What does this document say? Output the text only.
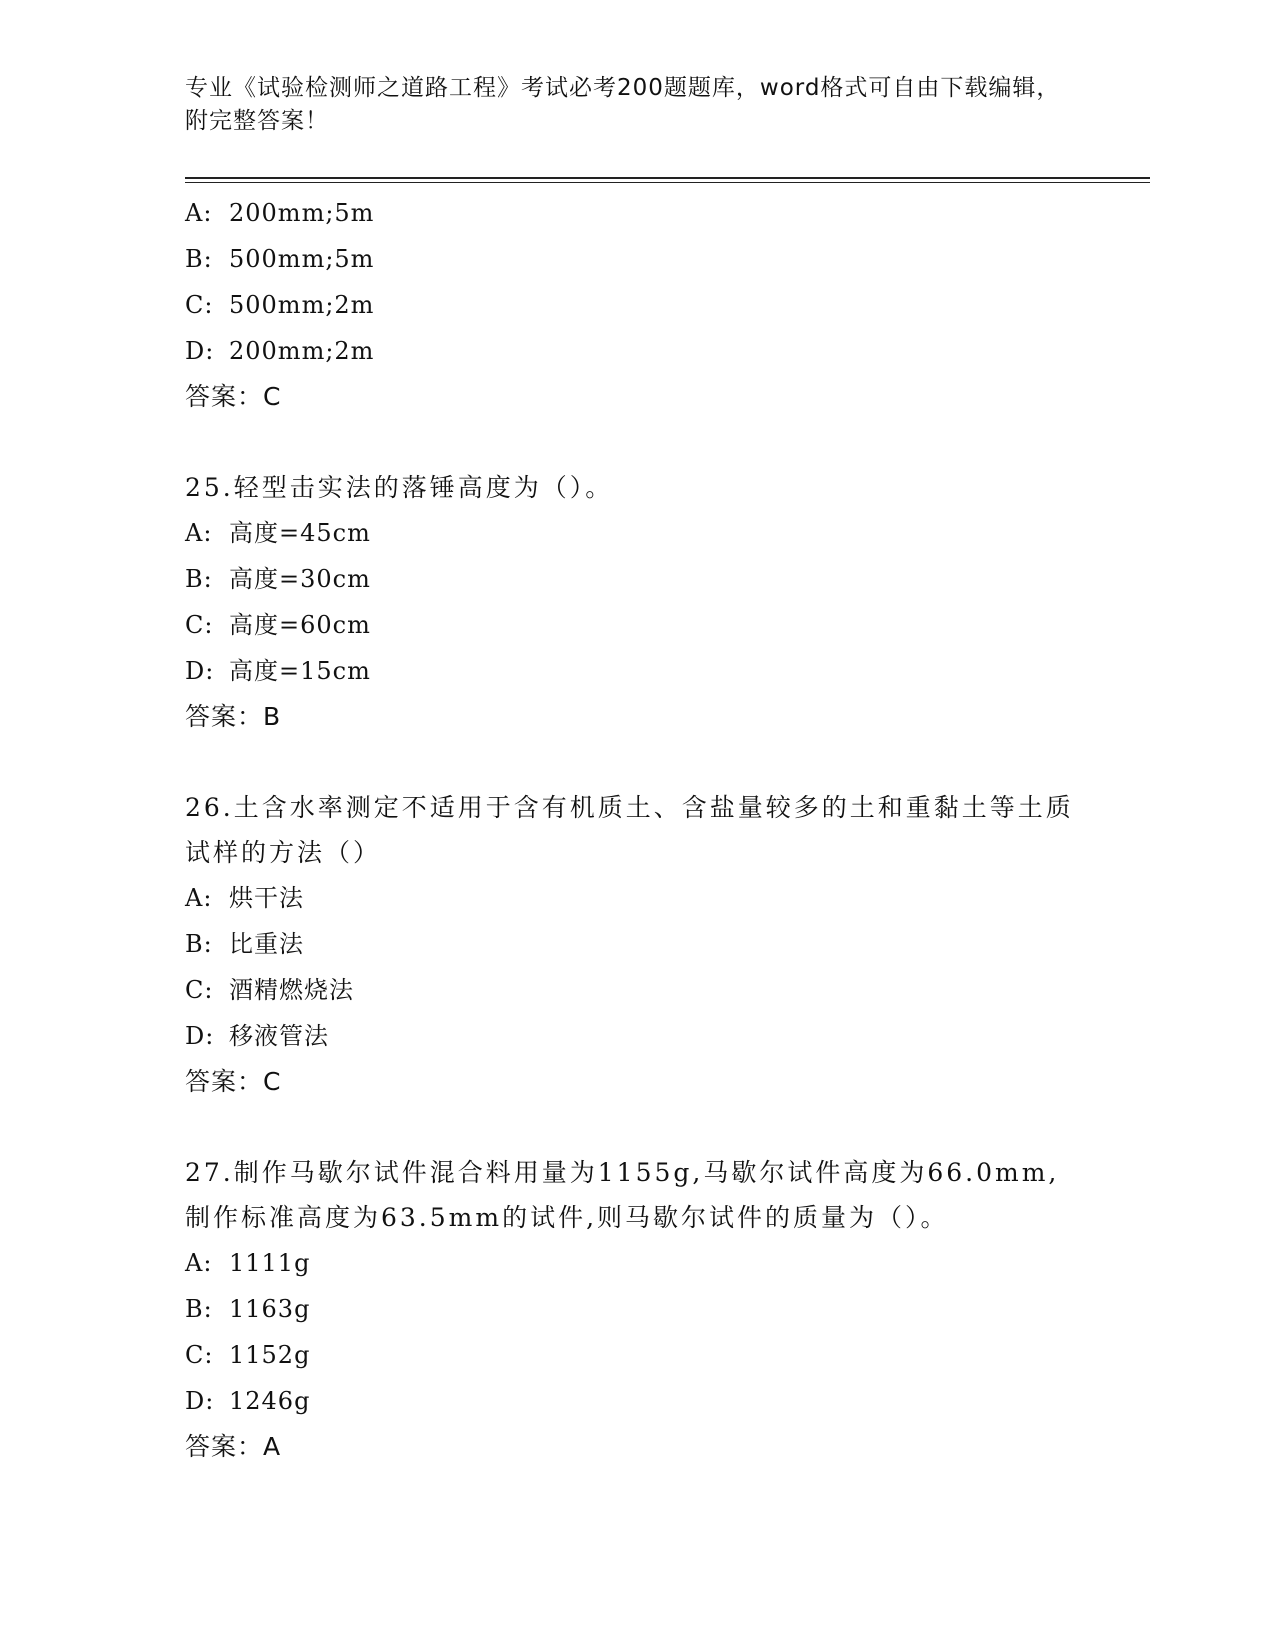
专业《试验检测师之道路工程》考试必考200题题库，word格式可自由下载编辑，附完整答案！
A: 200mm;5m
B: 500mm;5m
C: 500mm;2m
D: 200mm;2m
答案：C
25.轻型击实法的落锤高度为（）。
A: 高度=45cm
B: 高度=30cm
C: 高度=60cm
D: 高度=15cm
答案：B
26.土含水率测定不适用于含有机质土、含盐量较多的土和重黏土等土质试样的方法（）
A: 烘干法
B: 比重法
C: 酒精燃烧法
D: 移液管法
答案：C
27.制作马歇尔试件混合料用量为1155g,马歇尔试件高度为66.0mm,制作标准高度为63.5mm的试件,则马歇尔试件的质量为（）。
A: 1111g
B: 1163g
C: 1152g
D: 1246g
答案：A
